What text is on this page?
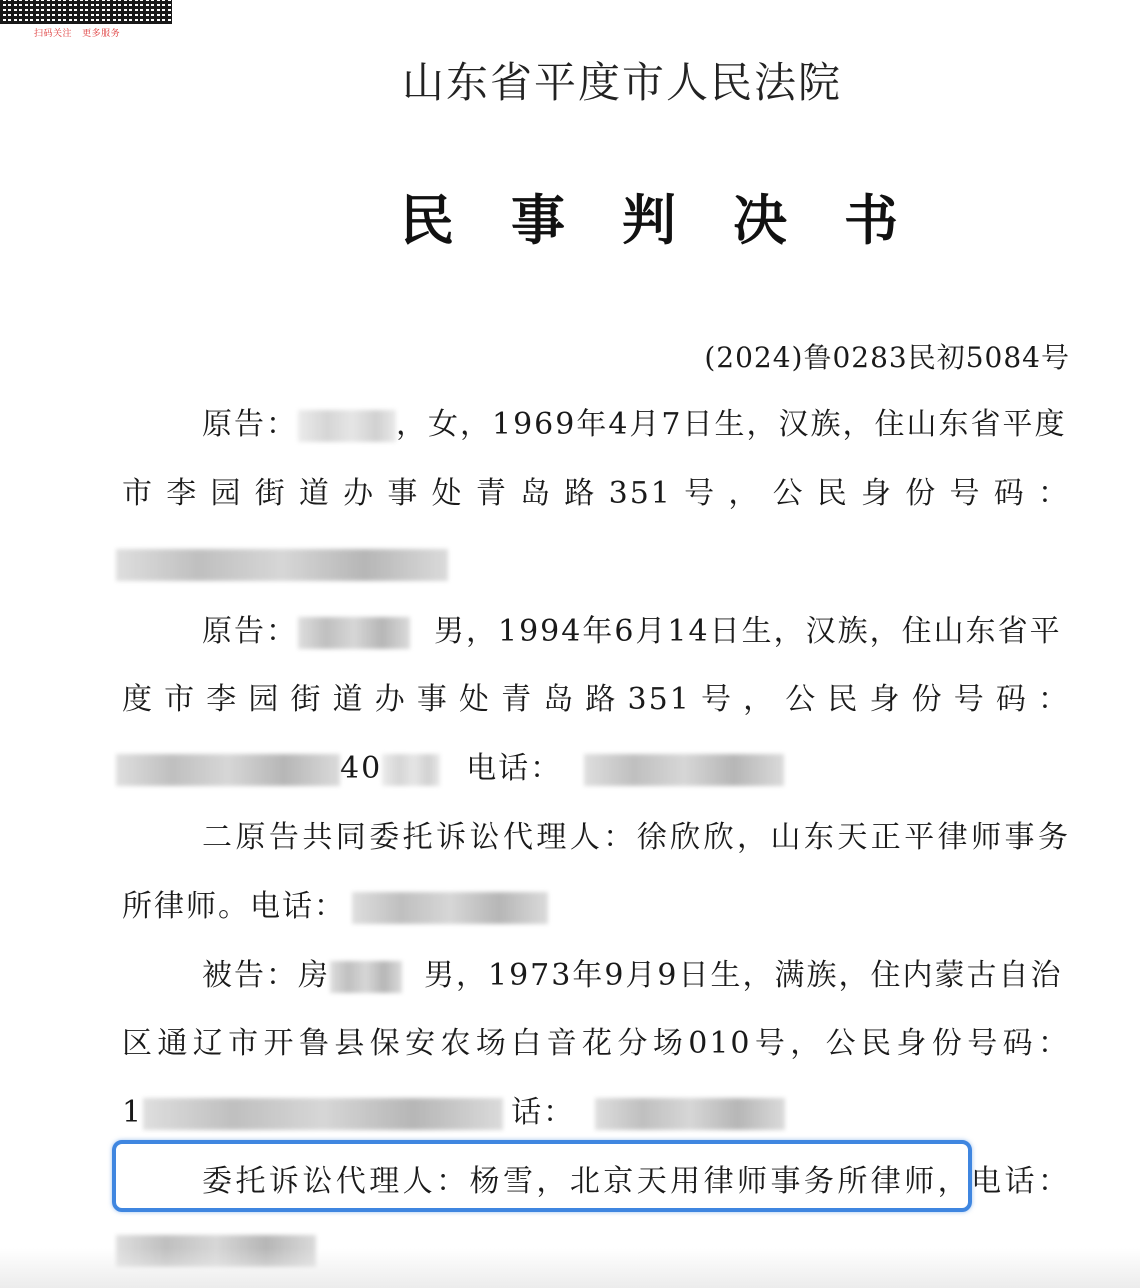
扫码关注   更多服务
山东省平度市人民法院
民事判决书
(2024)鲁0283民初5084号
原告：	，女，1969年4月7日生，汉族，住山东省平度
市李园街道办事处青岛路351号，公民身份号码：
原告：	男，1994年6月14日生，汉族，住山东省平
度市李园街道办事处青岛路351号，公民身份号码：
40	电话：
二原告共同委托诉讼代理人：徐欣欣，山东天正平律师事务
所律师。电话：
被告：房	男，1973年9月9日生，满族，住内蒙古自治
区通辽市开鲁县保安农场白音花分场010号，公民身份号码：
1	话：
委托诉讼代理人：杨雪，北京天用律师事务所律师，电话：
